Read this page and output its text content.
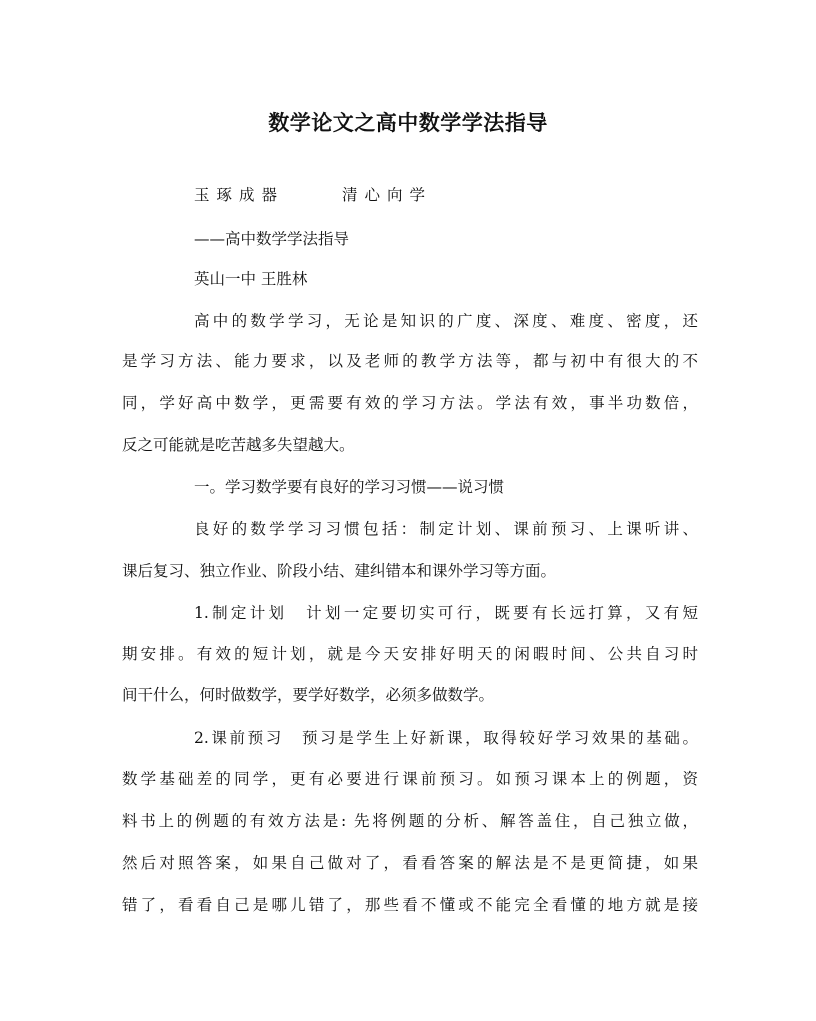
数学论文之高中数学学法指导
玉琢成器	清心向学
——高中数学学法指导
英山一中 王胜林
高中的数学学习，无论是知识的广度、深度、难度、密度，还
是学习方法、能力要求，以及老师的教学方法等，都与初中有很大的不
同，学好高中数学，更需要有效的学习方法。学法有效，事半功数倍，
反之可能就是吃苦越多失望越大。
一。学习数学要有良好的学习习惯——说习惯
良好的数学学习习惯包括：制定计划、课前预习、上课听讲、
课后复习、独立作业、阶段小结、建纠错本和课外学习等方面。
1.制定计划　计划一定要切实可行，既要有长远打算，又有短
期安排。有效的短计划，就是今天安排好明天的闲暇时间、公共自习时
间干什么，何时做数学，要学好数学，必须多做数学。
2.课前预习　预习是学生上好新课，取得较好学习效果的基础。
数学基础差的同学，更有必要进行课前预习。如预习课本上的例题，资
料书上的例题的有效方法是: 先将例题的分析、解答盖住，自己独立做，
然后对照答案，如果自己做对了，看看答案的解法是不是更简捷，如果
错了，看看自己是哪儿错了，那些看不懂或不能完全看懂的地方就是接
